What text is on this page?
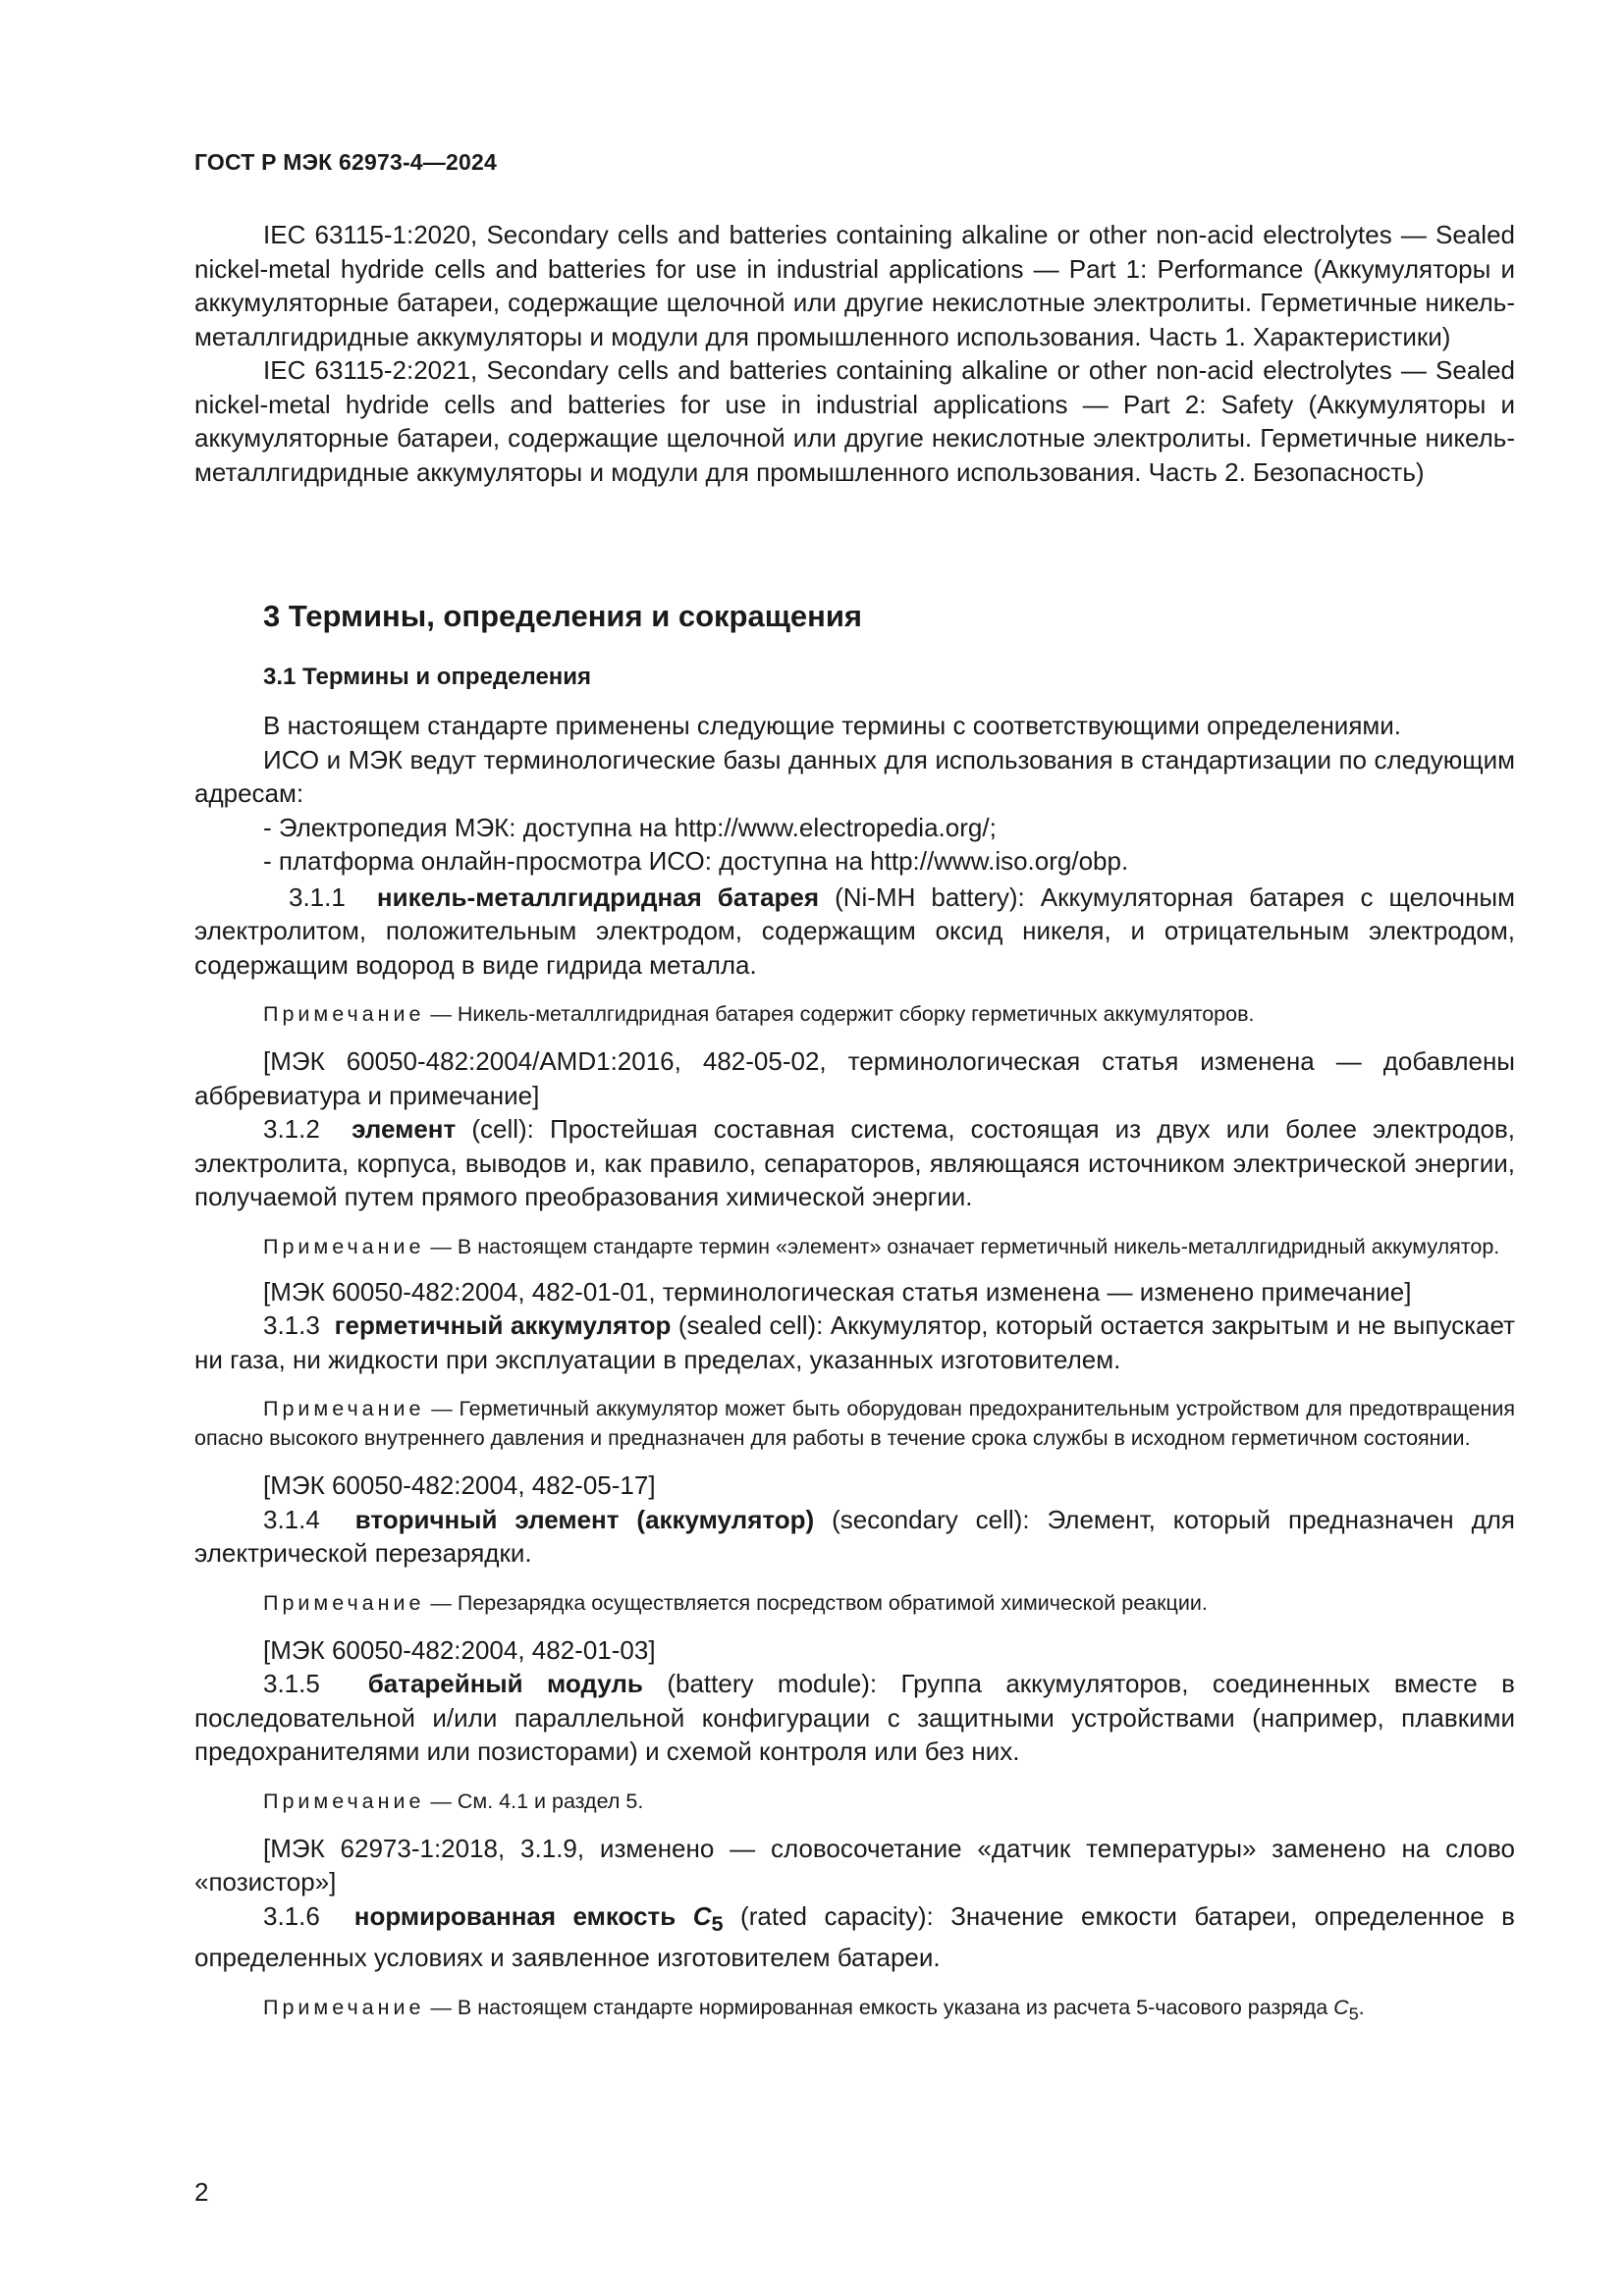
ГОСТ Р МЭК 62973-4—2024

IEC 63115-1:2020, Secondary cells and batteries containing alkaline or other non-acid electrolytes — Sealed nickel-metal hydride cells and batteries for use in industrial applications — Part 1: Performance (Аккумуляторы и аккумуляторные батареи, содержащие щелочной или другие некислотные электролиты. Герметичные никель-металлгидридные аккумуляторы и модули для промышленного использования. Часть 1. Характеристики)

IEC 63115-2:2021, Secondary cells and batteries containing alkaline or other non-acid electrolytes — Sealed nickel-metal hydride cells and batteries for use in industrial applications — Part 2: Safety (Аккумуляторы и аккумуляторные батареи, содержащие щелочной или другие некислотные электролиты. Герметичные никель-металлгидридные аккумуляторы и модули для промышленного использования. Часть 2. Безопасность)

3 Термины, определения и сокращения

3.1 Термины и определения

В настоящем стандарте применены следующие термины с соответствующими определениями.

ИСО и МЭК ведут терминологические базы данных для использования в стандартизации по следующим адресам:

- Электропедия МЭК: доступна на http://www.electropedia.org/;

- платформа онлайн-просмотра ИСО: доступна на http://www.iso.org/obp.

3.1.1 никель-металлгидридная батарея (Ni-MH battery): Аккумуляторная батарея с щелочным электролитом, положительным электродом, содержащим оксид никеля, и отрицательным электродом, содержащим водород в виде гидрида металла.

Примечание — Никель-металлгидридная батарея содержит сборку герметичных аккумуляторов.

[МЭК 60050-482:2004/AMD1:2016, 482-05-02, терминологическая статья изменена — добавлены аббревиатура и примечание]

3.1.2 элемент (cell): Простейшая составная система, состоящая из двух или более электродов, электролита, корпуса, выводов и, как правило, сепараторов, являющаяся источником электрической энергии, получаемой путем прямого преобразования химической энергии.

Примечание — В настоящем стандарте термин «элемент» означает герметичный никель-металлгидридный аккумулятор.

[МЭК 60050-482:2004, 482-01-01, терминологическая статья изменена — изменено примечание]

3.1.3 герметичный аккумулятор (sealed cell): Аккумулятор, который остается закрытым и не выпускает ни газа, ни жидкости при эксплуатации в пределах, указанных изготовителем.

Примечание — Герметичный аккумулятор может быть оборудован предохранительным устройством для предотвращения опасно высокого внутреннего давления и предназначен для работы в течение срока службы в исходном герметичном состоянии.

[МЭК 60050-482:2004, 482-05-17]

3.1.4 вторичный элемент (аккумулятор) (secondary cell): Элемент, который предназначен для электрической перезарядки.

Примечание — Перезарядка осуществляется посредством обратимой химической реакции.

[МЭК 60050-482:2004, 482-01-03]

3.1.5 батарейный модуль (battery module): Группа аккумуляторов, соединенных вместе в последовательной и/или параллельной конфигурации с защитными устройствами (например, плавкими предохранителями или позисторами) и схемой контроля или без них.

Примечание — См. 4.1 и раздел 5.

[МЭК 62973-1:2018, 3.1.9, изменено — словосочетание «датчик температуры» заменено на слово «позистор»]

3.1.6 нормированная емкость $C_5$ (rated capacity): Значение емкости батареи, определенное в определенных условиях и заявленное изготовителем батареи.

Примечание — В настоящем стандарте нормированная емкость указана из расчета 5-часового разряда $C_5$.

2
